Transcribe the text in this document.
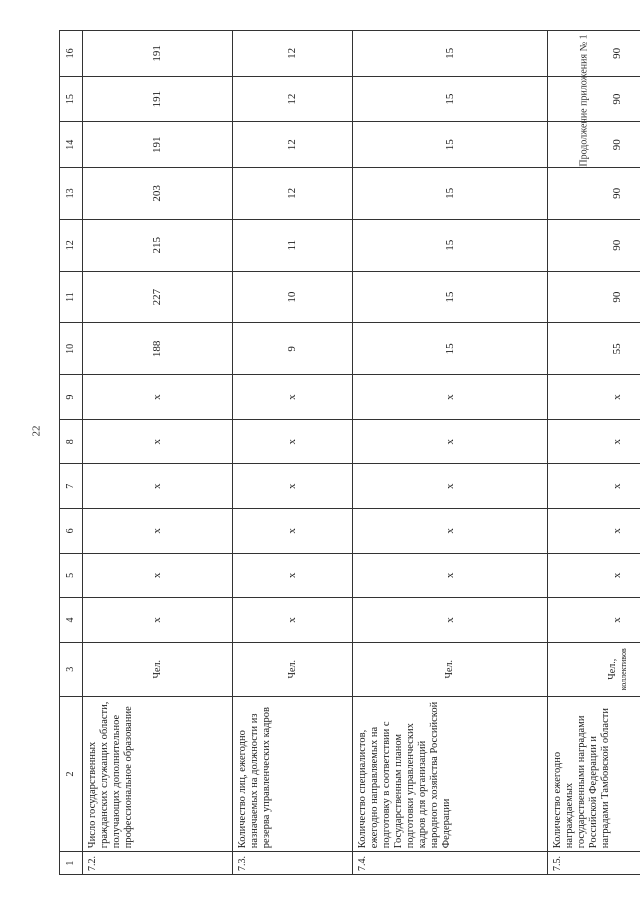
22
Продолжение приложения № 1
1	2	3	4	5	6	7	8	9	10	11	12	13	14	15	16
7.2.	Число государственных гражданских служащих области, получающих дополнительное профессиональное образование	Чел.	x	x	x	x	x	x	188	227	215	203	191	191	191
7.3.	Количество лиц, ежегодно назначаемых на должности из резерва управленческих кадров	Чел.	x	x	x	x	x	x	9	10	11	12	12	12	12
7.4.	Количество специалистов, ежегодно направляемых на подготовку в соответствии с Государственным планом подготовки управленческих кадров для организаций народного хозяйства Российской Федерации	Чел.	x	x	x	x	x	x	15	15	15	15	15	15	15
7.5.	Количество ежегодно награждаемых государственными наградами Российской Федерации и наградами Тамбовской области	Чел., коллективов	x	x	x	x	x	x	55	90	90	90	90	90	90
